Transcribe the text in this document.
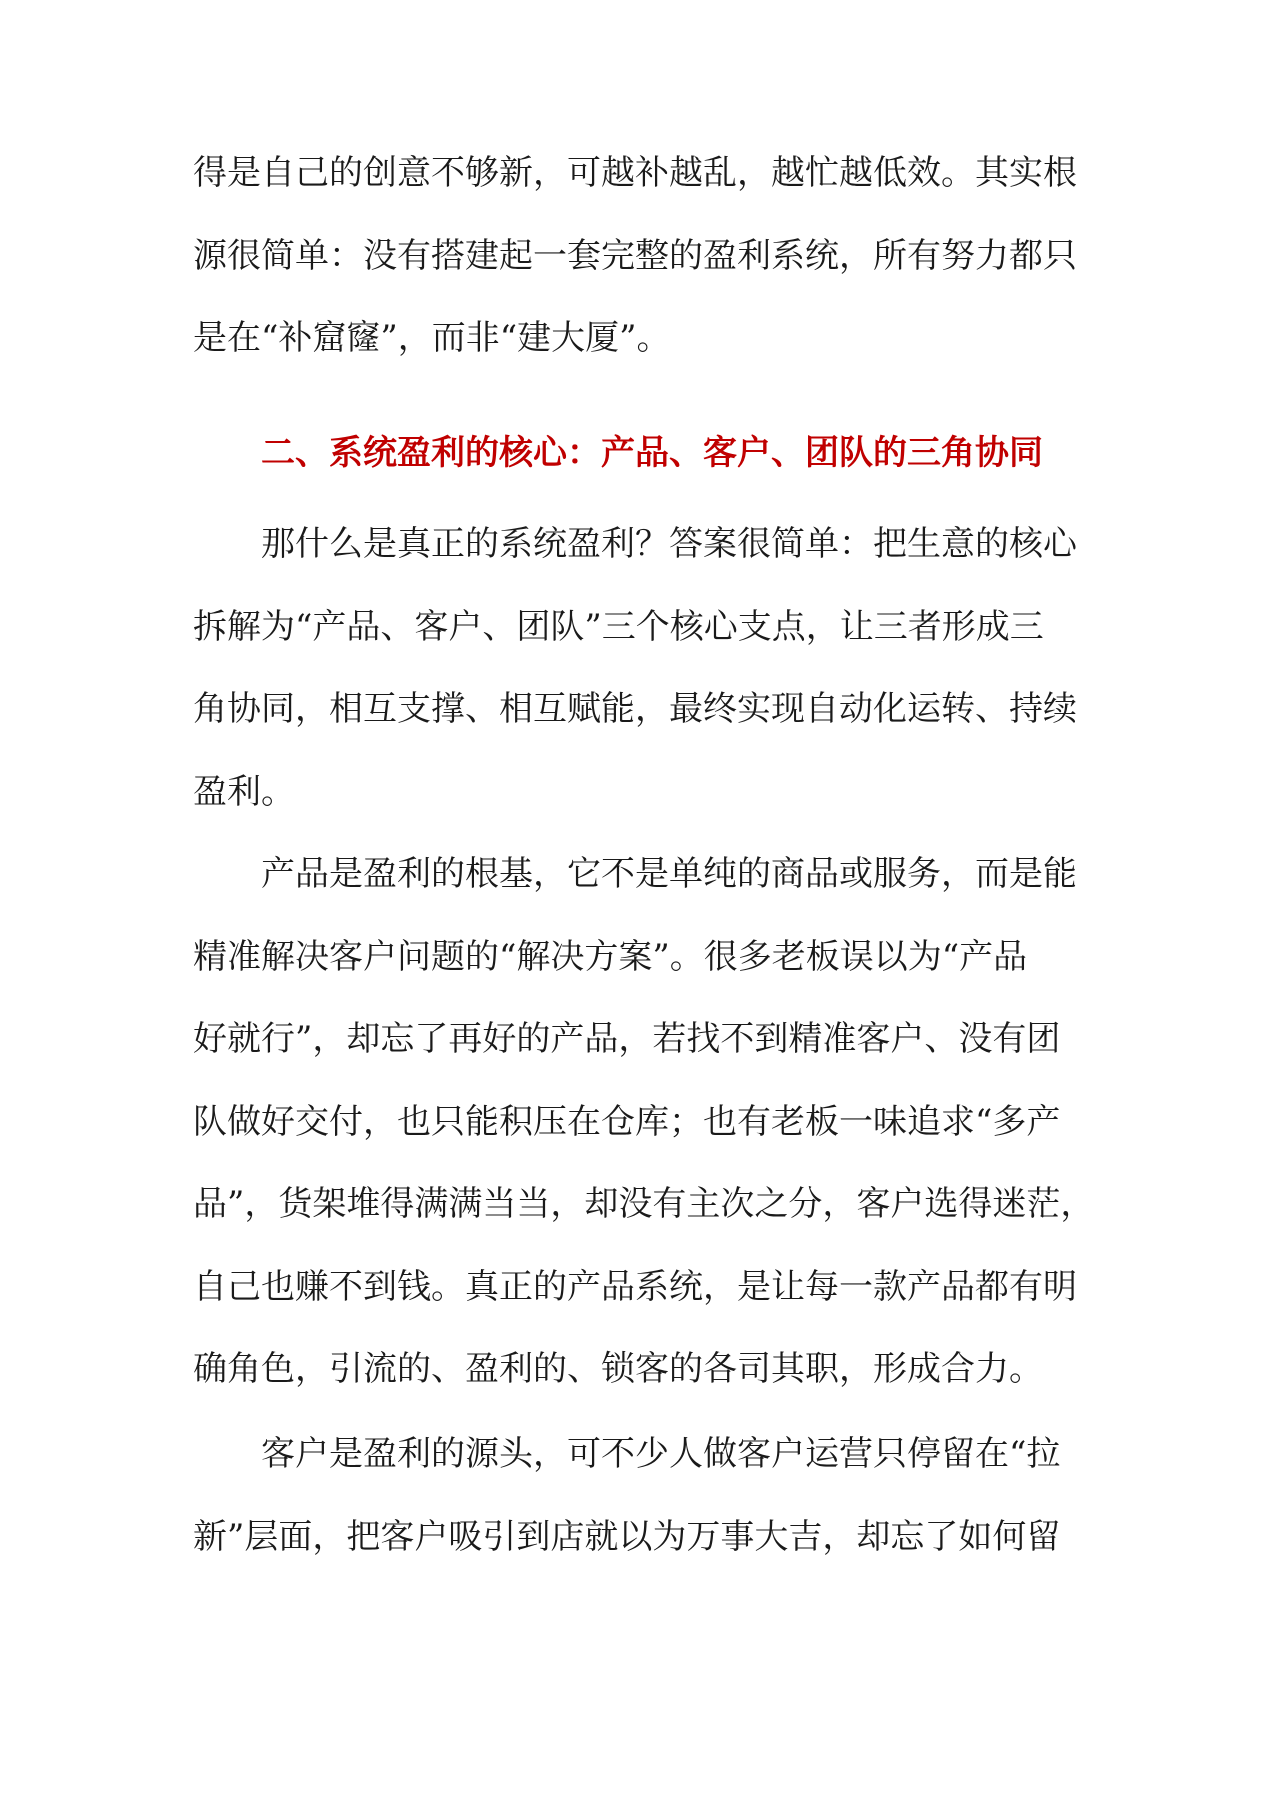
得是自己的创意不够新，可越补越乱，越忙越低效。其实根
源很简单：没有搭建起一套完整的盈利系统，所有努力都只
是在“补窟窿”，而非“建大厦”。
二、系统盈利的核心：产品、客户、团队的三角协同
那什么是真正的系统盈利？答案很简单：把生意的核心
拆解为“产品、客户、团队”三个核心支点，让三者形成三
角协同，相互支撑、相互赋能，最终实现自动化运转、持续
盈利。
产品是盈利的根基，它不是单纯的商品或服务，而是能
精准解决客户问题的“解决方案”。很多老板误以为“产品
好就行”，却忘了再好的产品，若找不到精准客户、没有团
队做好交付，也只能积压在仓库；也有老板一味追求“多产
品”，货架堆得满满当当，却没有主次之分，客户选得迷茫，
自己也赚不到钱。真正的产品系统，是让每一款产品都有明
确角色，引流的、盈利的、锁客的各司其职，形成合力。
客户是盈利的源头，可不少人做客户运营只停留在“拉
新”层面，把客户吸引到店就以为万事大吉，却忘了如何留
